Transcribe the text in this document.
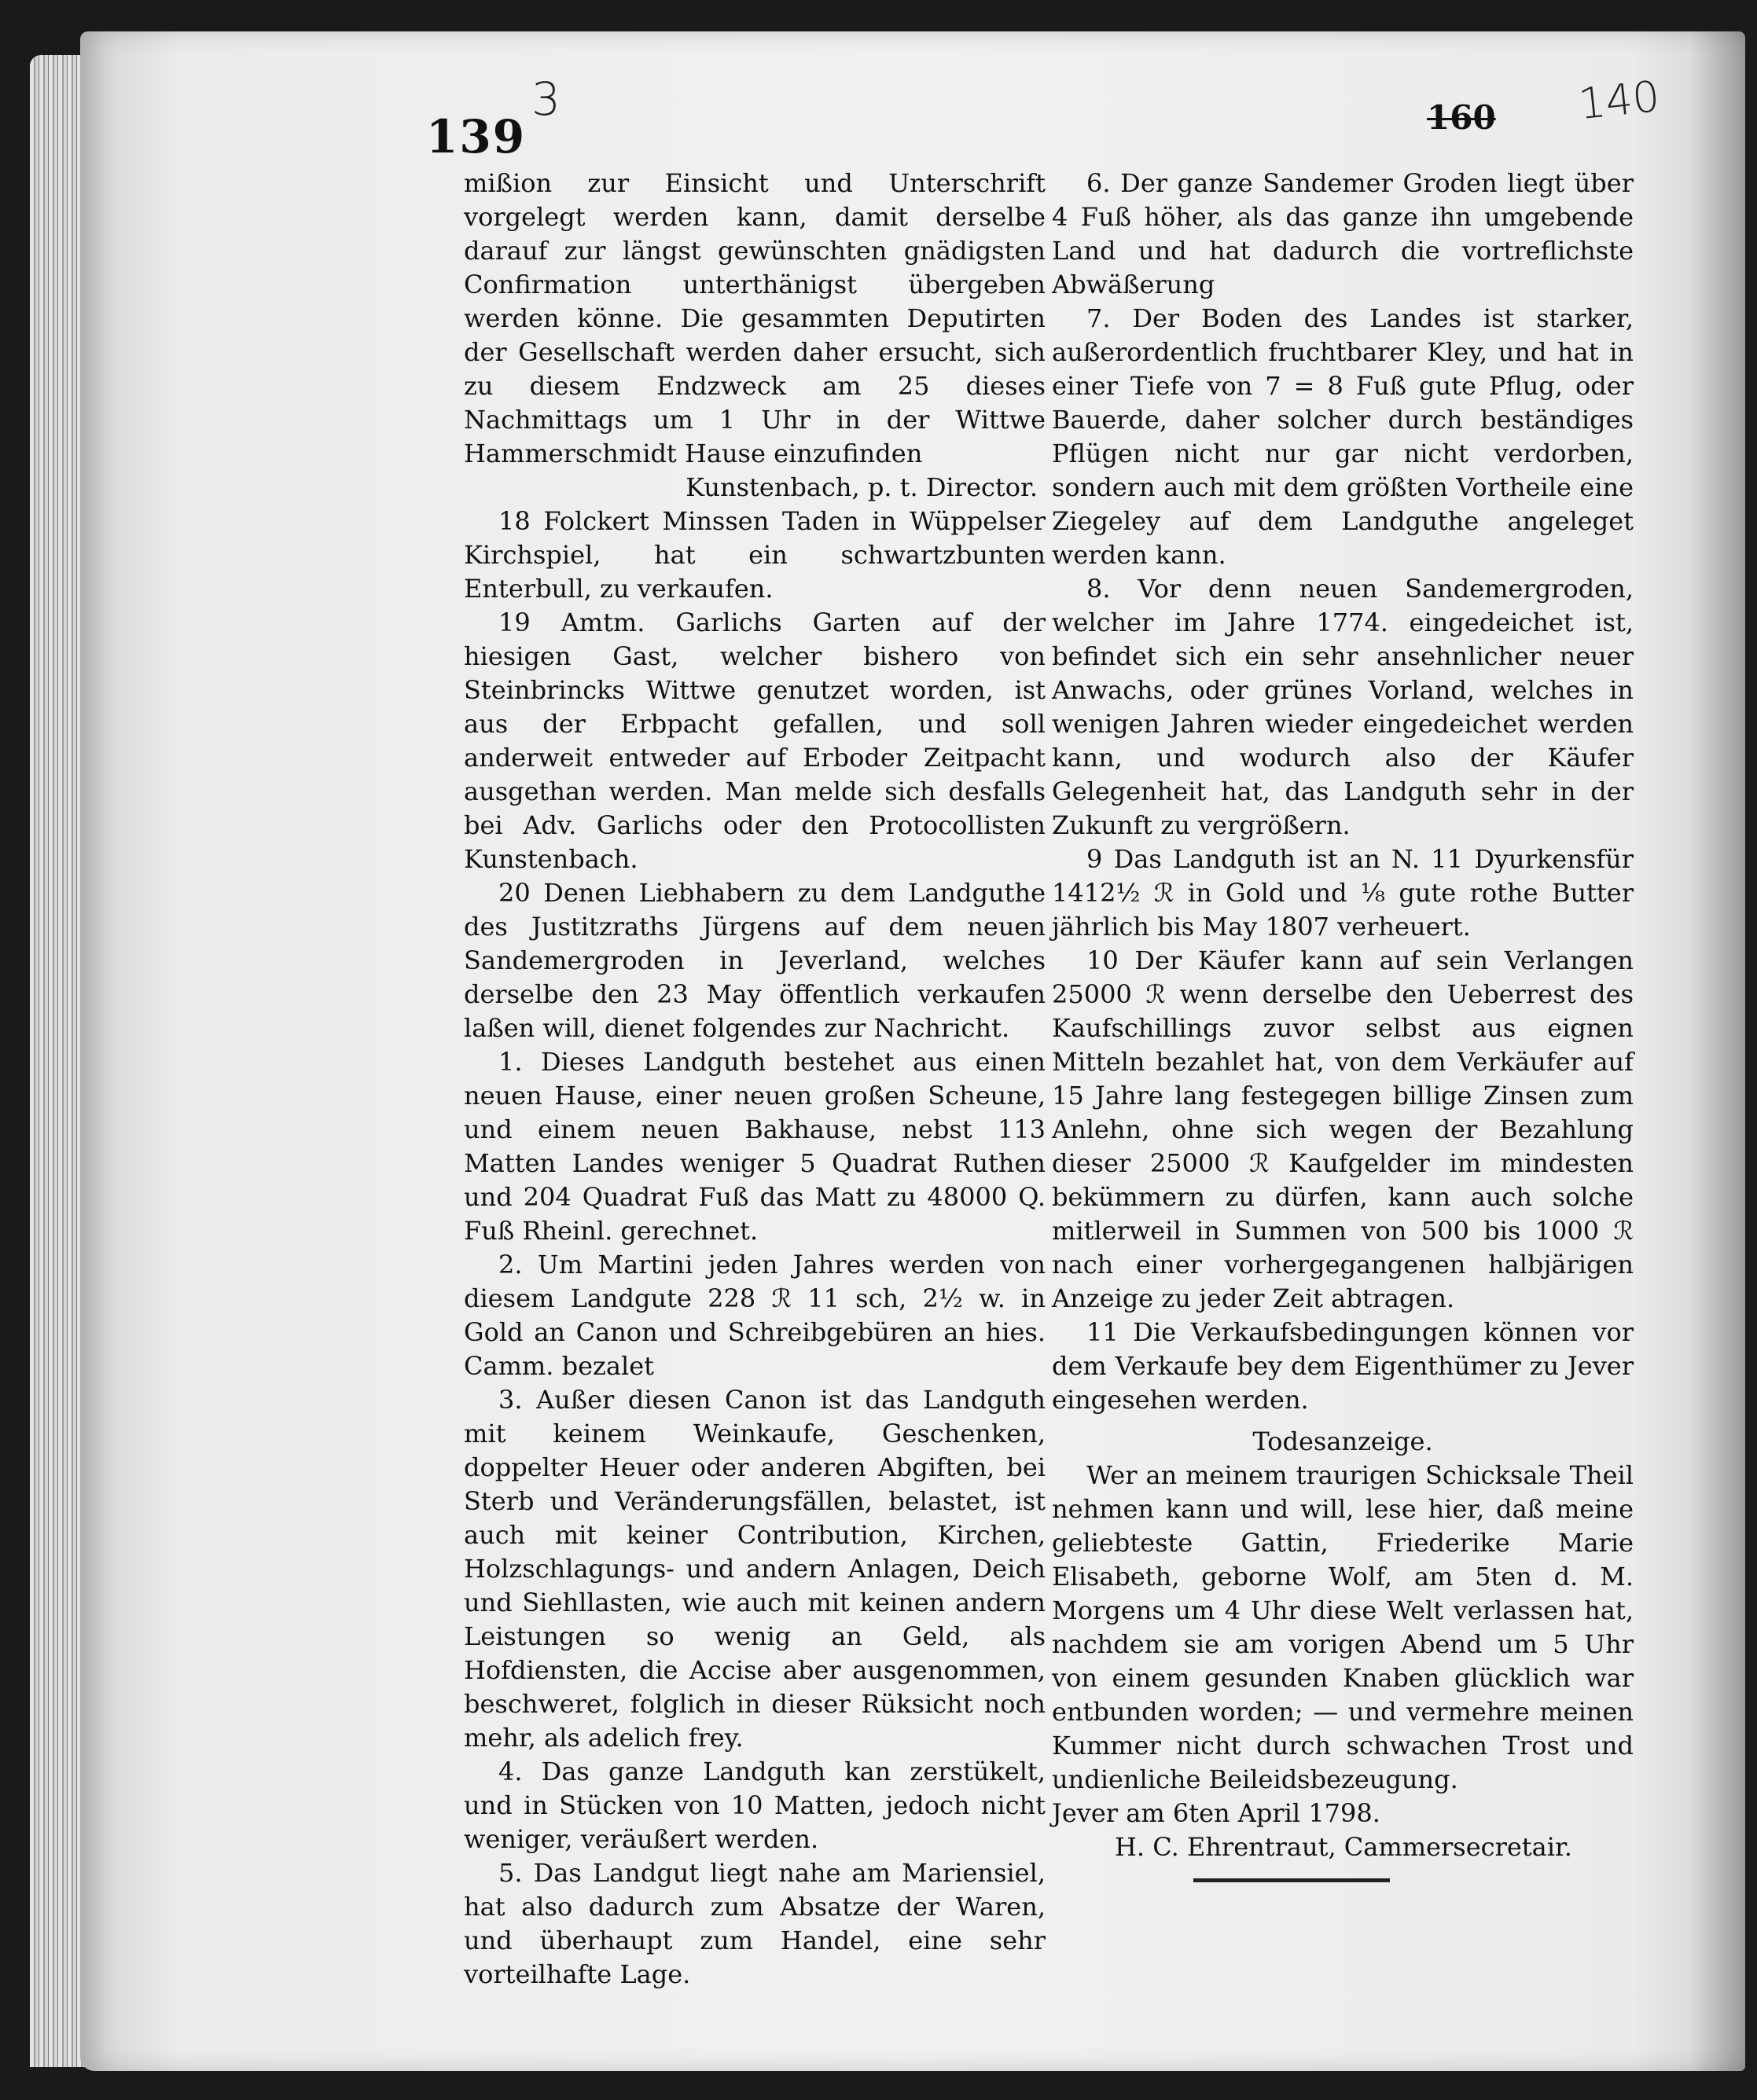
3	140
139	160

mißion zur Einsicht und Unterschrift vorgelegt werden kann, damit derselbe darauf zur längst gewünschten gnädigsten Confirmation unterthänigst übergeben werden könne. Die gesammten Deputirten der Gesellschaft werden daher ersucht, sich zu diesem Endzweck am 25 dieses Nachmittags um 1 Uhr in der Wittwe Hammerschmidt Hause einzufinden

Kunstenbach, p. t. Director.

18 Folckert Minssen Taden in Wüppelser Kirchspiel, hat ein schwartzbunten Enterbull, zu verkaufen.

19 Amtm. Garlichs Garten auf der hiesigen Gast, welcher bishero von Steinbrincks Wittwe genutzet worden, ist aus der Erbpacht gefallen, und soll anderweit entweder auf Erboder Zeitpacht ausgethan werden. Man melde sich desfalls bei Adv. Garlichs oder den Protocollisten Kunstenbach.

20 Denen Liebhabern zu dem Landguthe des Justitzraths Jürgens auf dem neuen Sandemergroden in Jeverland, welches derselbe den 23 May öffentlich verkaufen laßen will, dienet folgendes zur Nachricht.

1. Dieses Landguth bestehet aus einen neuen Hause, einer neuen großen Scheune, und einem neuen Bakhause, nebst 113 Matten Landes weniger 5 Quadrat Ruthen und 204 Quadrat Fuß das Matt zu 48000 Q. Fuß Rheinl. gerechnet.

2. Um Martini jeden Jahres werden von diesem Landgute 228 ℛ 11 sch, 2½ w. in Gold an Canon und Schreibgebüren an hies. Camm. bezalet

3. Außer diesen Canon ist das Landguth mit keinem Weinkaufe, Geschenken, doppelter Heuer oder anderen Abgiften, bei Sterb und Veränderungsfällen, belastet, ist auch mit keiner Contribution, Kirchen, Holzschlagungs- und andern Anlagen, Deich und Siehllasten, wie auch mit keinen andern Leistungen so wenig an Geld, als Hofdiensten, die Accise aber ausgenommen, beschweret, folglich in dieser Rüksicht noch mehr, als adelich frey.

4. Das ganze Landguth kan zerstükelt, und in Stücken von 10 Matten, jedoch nicht weniger, veräußert werden.

5. Das Landgut liegt nahe am Mariensiel, hat also dadurch zum Absatze der Waren, und überhaupt zum Handel, eine sehr vorteilhafte Lage.

6. Der ganze Sandemer Groden liegt über 4 Fuß höher, als das ganze ihn umgebende Land und hat dadurch die vortreflichste Abwäßerung

7. Der Boden des Landes ist starker, außerordentlich fruchtbarer Kley, und hat in einer Tiefe von 7 = 8 Fuß gute Pflug, oder Bauerde, daher solcher durch beständiges Pflügen nicht nur gar nicht verdorben, sondern auch mit dem größten Vortheile eine Ziegeley auf dem Landguthe angeleget werden kann.

8. Vor denn neuen Sandemergroden, welcher im Jahre 1774. eingedeichet ist, befindet sich ein sehr ansehnlicher neuer Anwachs, oder grünes Vorland, welches in wenigen Jahren wieder eingedeichet werden kann, und wodurch also der Käufer Gelegenheit hat, das Landguth sehr in der Zukunft zu vergrößern.

9 Das Landguth ist an N. 11 Dyurkensfür 1412½ ℛ in Gold und ⅛ gute rothe Butter jährlich bis May 1807 verheuert.

10 Der Käufer kann auf sein Verlangen 25000 ℛ wenn derselbe den Ueberrest des Kaufschillings zuvor selbst aus eignen Mitteln bezahlet hat, von dem Verkäufer auf 15 Jahre lang festegegen billige Zinsen zum Anlehn, ohne sich wegen der Bezahlung dieser 25000 ℛ Kaufgelder im mindesten bekümmern zu dürfen, kann auch solche mitlerweil in Summen von 500 bis 1000 ℛ nach einer vorhergegangenen halbjärigen Anzeige zu jeder Zeit abtragen.

11 Die Verkaufsbedingungen können vor dem Verkaufe bey dem Eigenthümer zu Jever eingesehen werden.

Todesanzeige.

Wer an meinem traurigen Schicksale Theil nehmen kann und will, lese hier, daß meine geliebteste Gattin, Friederike Marie Elisabeth, geborne Wolf, am 5ten d. M. Morgens um 4 Uhr diese Welt verlassen hat, nachdem sie am vorigen Abend um 5 Uhr von einem gesunden Knaben glücklich war entbunden worden; — und vermehre meinen Kummer nicht durch schwachen Trost und undienliche Beileidsbezeugung.

Jever am 6ten April 1798.

H. C. Ehrentraut, Cammersecretair.
